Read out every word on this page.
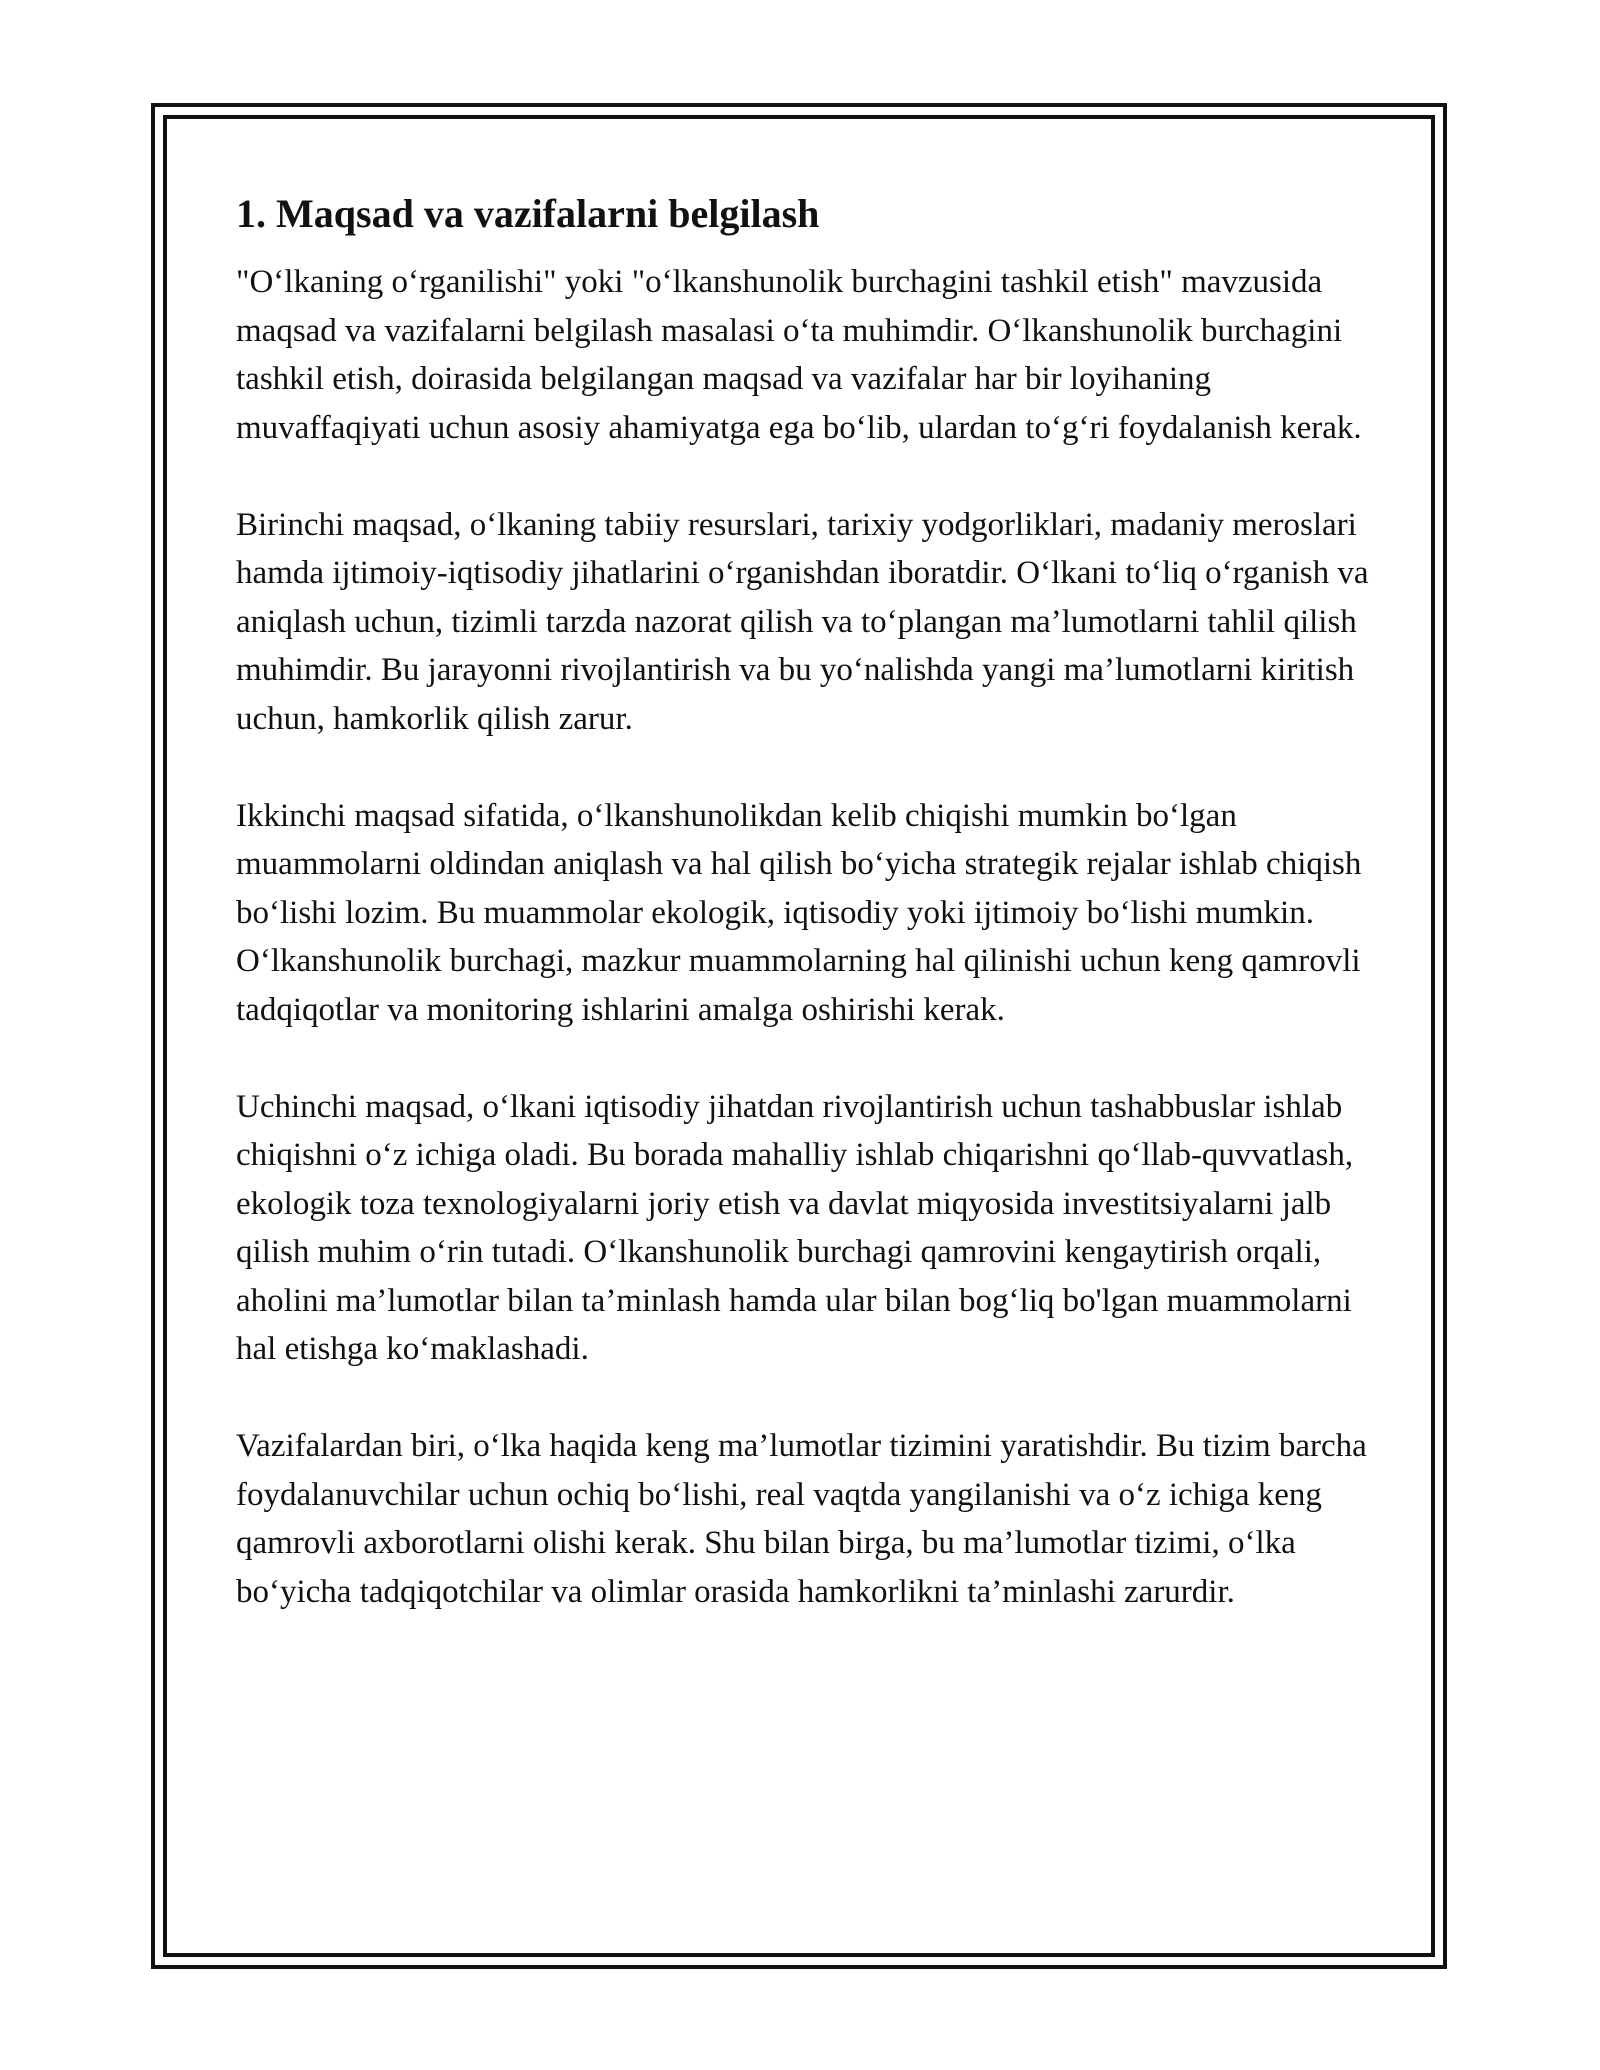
1. Maqsad va vazifalarni belgilash

"O‘lkaning o‘rganilishi" yoki "o‘lkanshunolik burchagini tashkil etish" mavzusida maqsad va vazifalarni belgilash masalasi o‘ta muhimdir. O‘lkanshunolik burchagini tashkil etish, doirasida belgilangan maqsad va vazifalar har bir loyihaning muvaffaqiyati uchun asosiy ahamiyatga ega bo‘lib, ulardan to‘g‘ri foydalanish kerak.

Birinchi maqsad, o‘lkaning tabiiy resurslari, tarixiy yodgorliklari, madaniy meroslari hamda ijtimoiy-iqtisodiy jihatlarini o‘rganishdan iboratdir. O‘lkani to‘liq o‘rganish va aniqlash uchun, tizimli tarzda nazorat qilish va to‘plangan ma’lumotlarni tahlil qilish muhimdir. Bu jarayonni rivojlantirish va bu yo‘nalishda yangi ma’lumotlarni kiritish uchun, hamkorlik qilish zarur.

Ikkinchi maqsad sifatida, o‘lkanshunolikdan kelib chiqishi mumkin bo‘lgan muammolarni oldindan aniqlash va hal qilish bo‘yicha strategik rejalar ishlab chiqish bo‘lishi lozim. Bu muammolar ekologik, iqtisodiy yoki ijtimoiy bo‘lishi mumkin. O‘lkanshunolik burchagi, mazkur muammolarning hal qilinishi uchun keng qamrovli tadqiqotlar va monitoring ishlarini amalga oshirishi kerak.

Uchinchi maqsad, o‘lkani iqtisodiy jihatdan rivojlantirish uchun tashabbuslar ishlab chiqishni o‘z ichiga oladi. Bu borada mahalliy ishlab chiqarishni qo‘llab-quvvatlash, ekologik toza texnologiyalarni joriy etish va davlat miqyosida investitsiyalarni jalb qilish muhim o‘rin tutadi. O‘lkanshunolik burchagi qamrovini kengaytirish orqali, aholini ma’lumotlar bilan ta’minlash hamda ular bilan bog‘liq bo'lgan muammolarni hal etishga ko‘maklashadi.

Vazifalardan biri, o‘lka haqida keng ma’lumotlar tizimini yaratishdir. Bu tizim barcha foydalanuvchilar uchun ochiq bo‘lishi, real vaqtda yangilanishi va o‘z ichiga keng qamrovli axborotlarni olishi kerak. Shu bilan birga, bu ma’lumotlar tizimi, o‘lka bo‘yicha tadqiqotchilar va olimlar orasida hamkorlikni ta’minlashi zarurdir.
